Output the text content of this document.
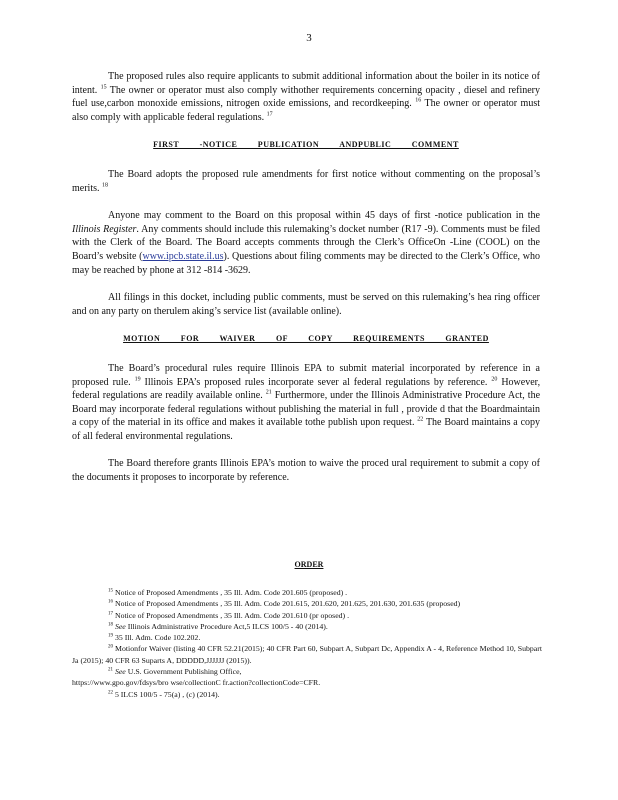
3

The proposed rules also require applicants to submit additional information about the boiler in its notice of intent. $^{15}$ The owner or operator must also comply withother requirements concerning opacity , diesel and refinery fuel use,carbon monoxide emissions, nitrogen oxide emissions, and recordkeeping. $^{16}$ The owner or operator must also comply with applicable federal regulations. $^{17}$

FIRST -NOTICE PUBLICATION ANDPUBLIC COMMENT

The Board adopts the proposed rule amendments for first notice without commenting on the proposal’s merits. $^{18}$

Anyone may comment to the Board on this proposal within 45 days of first -notice publication in the Illinois Register. Any comments should include this rulemaking’s docket number (R17 -9). Comments must be filed with the Clerk of the Board. The Board accepts comments through the Clerk’s OfficeOn -Line (COOL) on the Board’s website (www.ipcb.state.il.us). Questions about filing comments may be directed to the Clerk’s Office, who may be reached by phone at 312 -814 -3629.

All filings in this docket, including public comments, must be served on this rulemaking’s hea ring officer and on any party on therulem aking’s service list (available online).

MOTION FOR WAIVER OF COPY REQUIREMENTS GRANTED

The Board’s procedural rules require Illinois EPA to submit material incorporated by reference in a proposed rule. $^{19}$ Illinois EPA’s proposed rules incorporate sever al federal regulations by reference. $^{20}$ However, federal regulations are readily available online. $^{21}$ Furthermore, under the Illinois Administrative Procedure Act, the Board may incorporate federal regulations without publishing the material in full , provide d that the Boardmaintain a copy of the material in its office and makes it available tothe publish upon request. $^{22}$ The Board maintains a copy of all federal environmental regulations.

The Board therefore grants Illinois EPA’s motion to waive the proced ural requirement to submit a copy of the documents it proposes to incorporate by reference.

ORDER

$^{15}$ Notice of Proposed Amendments , 35 Ill. Adm. Code 201.605 (proposed) .

$^{16}$ Notice of Proposed Amendments , 35 Ill. Adm. Code 201.615, 201.620, 201.625, 201.630, 201.635 (proposed)

$^{17}$ Notice of Proposed Amendments , 35 Ill. Adm. Code 201.610 (pr oposed) .

$^{18}$ See Illinois Administrative Procedure Act,5 ILCS 100/5 - 40 (2014).

$^{19}$ 35 Ill. Adm. Code 102.202.

$^{20}$ Motionfor Waiver (listing 40 CFR 52.21(2015); 40 CFR Part 60, Subpart A, Subpart Dc, Appendix A - 4, Reference Method 10, Subpart Ja (2015); 40 CFR 63 Suparts A, DDDDD,JJJJJJ (2015)).

$^{21}$ See U.S. Government Publishing Office,
https://www.gpo.gov/fdsys/bro wse/collectionC fr.action?collectionCode=CFR.

$^{22}$ 5 ILCS 100/5 - 75(a) , (c) (2014).
